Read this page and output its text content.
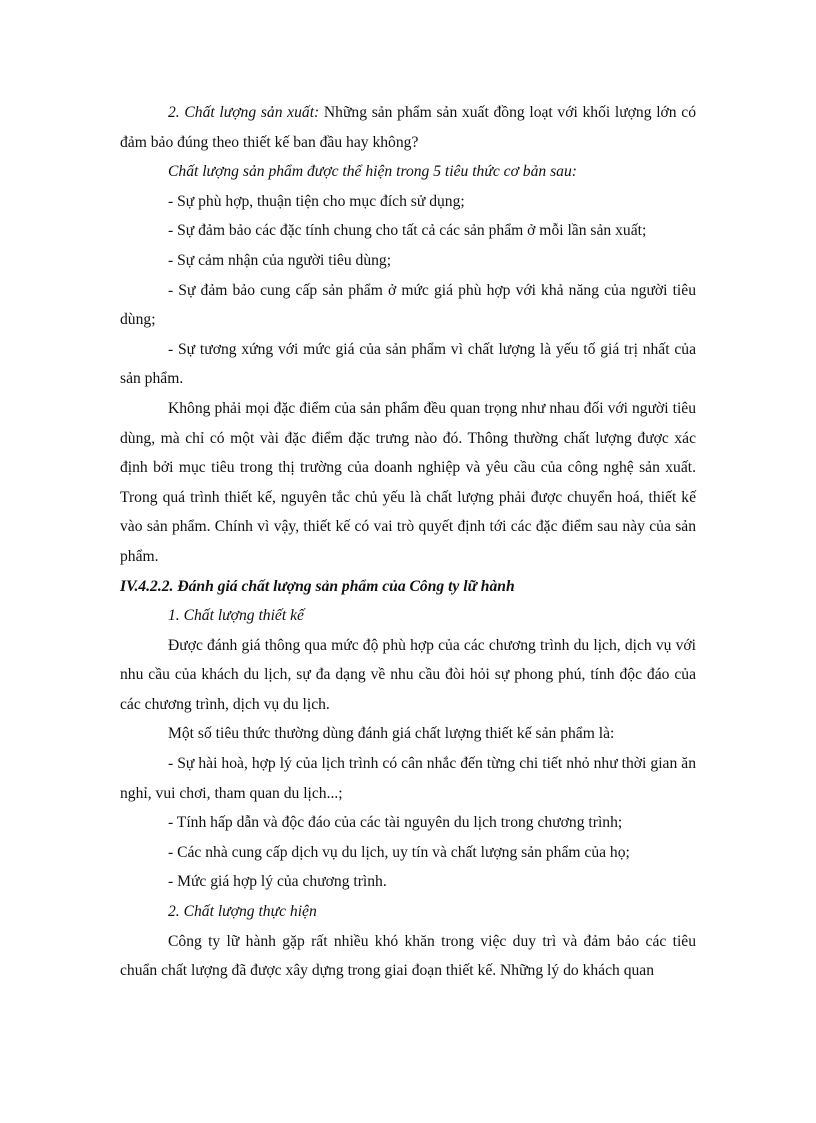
2. Chất lượng sản xuất: Những sản phẩm sản xuất đồng loạt với khối lượng lớn có đảm bảo đúng theo thiết kế ban đầu hay không?

Chất lượng sản phẩm được thể hiện trong 5 tiêu thức cơ bản sau:

- Sự phù hợp, thuận tiện cho mục đích sử dụng;

- Sự đảm bảo các đặc tính chung cho tất cả các sản phẩm ở mỗi lần sản xuất;

- Sự cảm nhận của người tiêu dùng;

- Sự đảm bảo cung cấp sản phẩm ở mức giá phù hợp với khả năng của người tiêu dùng;

- Sự tương xứng với mức giá của sản phẩm vì chất lượng là yếu tố giá trị nhất của sản phẩm.

Không phải mọi đặc điểm của sản phẩm đều quan trọng như nhau đối với người tiêu dùng, mà chỉ có một vài đặc điểm đặc trưng nào đó. Thông thường chất lượng được xác định bởi mục tiêu trong thị trường của doanh nghiệp và yêu cầu của công nghệ sản xuất. Trong quá trình thiết kế, nguyên tắc chủ yếu là chất lượng phải được chuyển hoá, thiết kế vào sản phẩm. Chính vì vậy, thiết kế có vai trò quyết định tới các đặc điểm sau này của sản phẩm.

IV.4.2.2. Đánh giá chất lượng sản phẩm của Công ty lữ hành

1. Chất lượng thiết kế

Được đánh giá thông qua mức độ phù hợp của các chương trình du lịch, dịch vụ với nhu cầu của khách du lịch, sự đa dạng về nhu cầu đòi hỏi sự phong phú, tính độc đáo của các chương trình, dịch vụ du lịch.

Một số tiêu thức thường dùng đánh giá chất lượng thiết kế sản phẩm là:

- Sự hài hoà, hợp lý của lịch trình có cân nhắc đến từng chi tiết nhỏ như thời gian ăn nghỉ, vui chơi, tham quan du lịch...;

- Tính hấp dẫn và độc đáo của các tài nguyên du lịch trong chương trình;

- Các nhà cung cấp dịch vụ du lịch, uy tín và chất lượng sản phẩm của họ;

- Mức giá hợp lý của chương trình.

2. Chất lượng thực hiện

Công ty lữ hành gặp rất nhiều khó khăn trong việc duy trì và đảm bảo các tiêu chuẩn chất lượng đã được xây dựng trong giai đoạn thiết kế. Những lý do khách quan
